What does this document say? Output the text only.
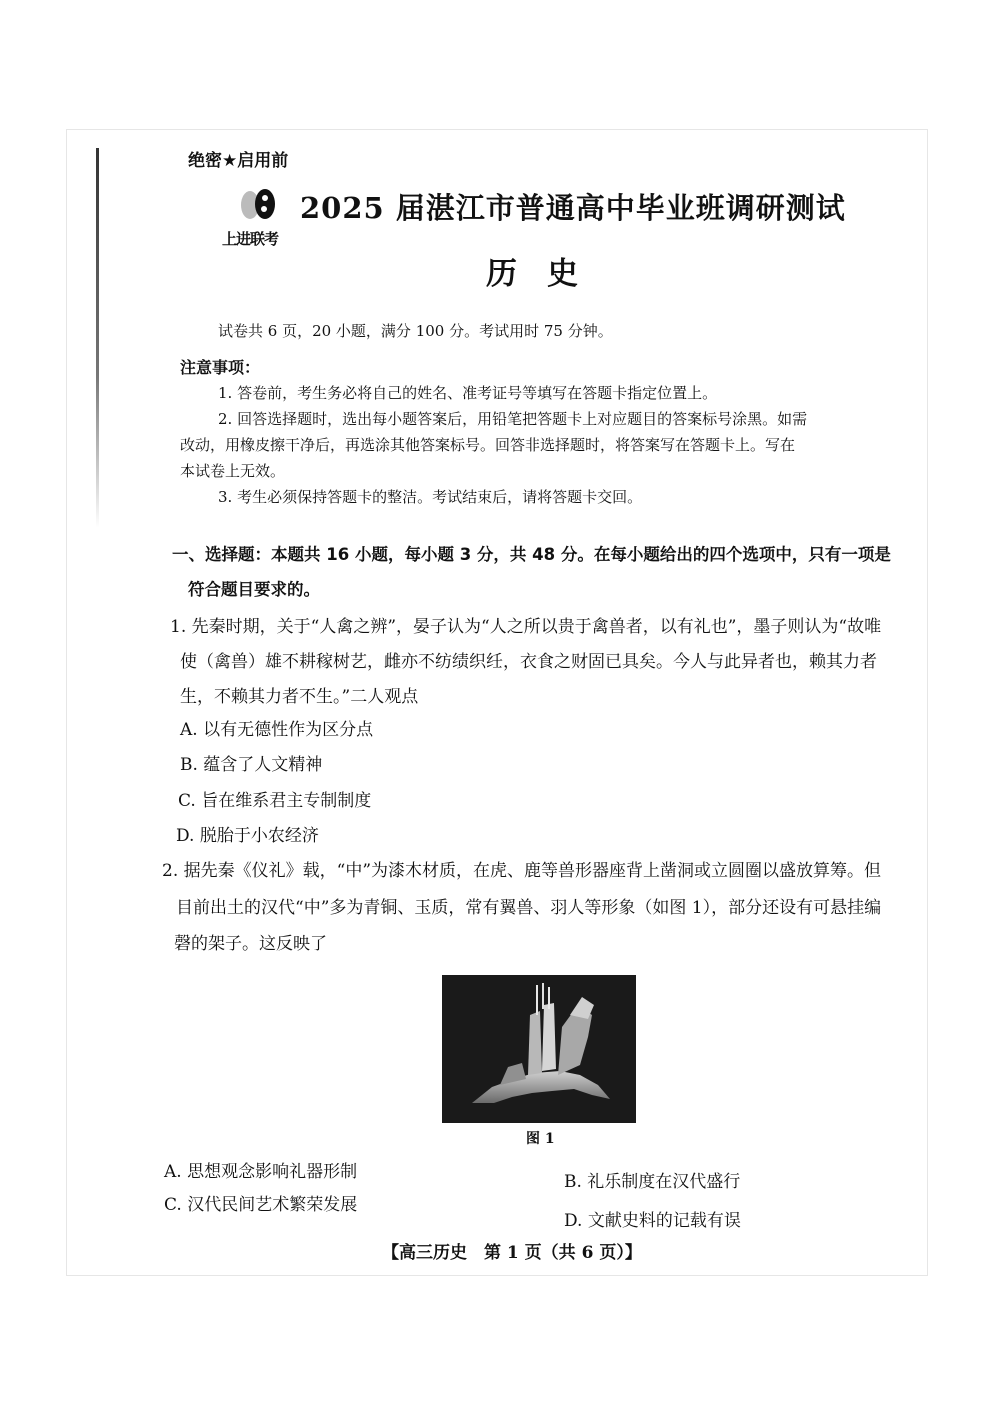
绝密★启用前
上进联考
2025 届湛江市普通高中毕业班调研测试
历史
试卷共 6 页，20 小题，满分 100 分。考试用时 75 分钟。
注意事项：
1. 答卷前，考生务必将自己的姓名、准考证号等填写在答题卡指定位置上。
2. 回答选择题时，选出每小题答案后，用铅笔把答题卡上对应题目的答案标号涂黑。如需
改动，用橡皮擦干净后，再选涂其他答案标号。回答非选择题时，将答案写在答题卡上。写在
本试卷上无效。
3. 考生必须保持答题卡的整洁。考试结束后，请将答题卡交回。
一、选择题：本题共 16 小题，每小题 3 分，共 48 分。在每小题给出的四个选项中，只有一项是
符合题目要求的。
1. 先秦时期，关于“人禽之辨”，晏子认为“人之所以贵于禽兽者，以有礼也”，墨子则认为“故唯
使（禽兽）雄不耕稼树艺，雌亦不纺绩织纴，衣食之财固已具矣。今人与此异者也，赖其力者
生，不赖其力者不生。”二人观点
A. 以有无德性作为区分点
B. 蕴含了人文精神
C. 旨在维系君主专制制度
D. 脱胎于小农经济
2. 据先秦《仪礼》载，“中”为漆木材质，在虎、鹿等兽形器座背上凿洞或立圆圈以盛放算筹。但
目前出土的汉代“中”多为青铜、玉质，常有翼兽、羽人等形象（如图 1），部分还设有可悬挂编
磬的架子。这反映了
图 1
A. 思想观念影响礼器形制	B. 礼乐制度在汉代盛行
C. 汉代民间艺术繁荣发展
D. 文献史料的记载有误
【高三历史　第 1 页（共 6 页）】
